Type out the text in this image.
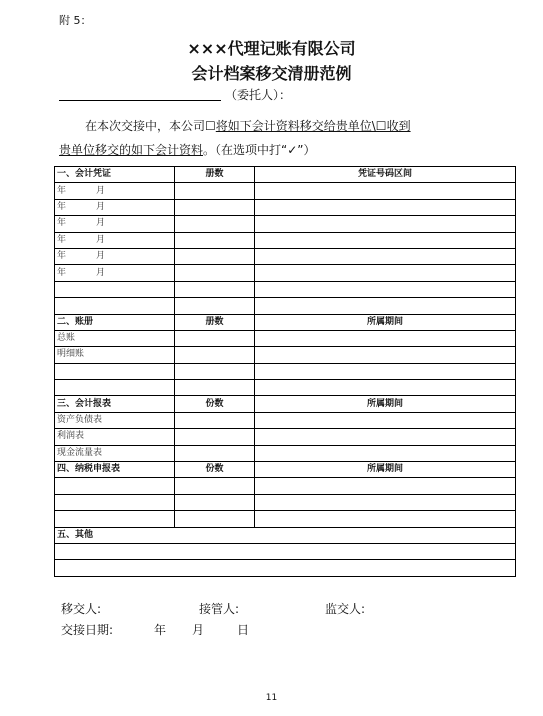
附 5：
×××代理记账有限公司
会计档案移交清册范例
（委托人）：
在本次交接中，本公司☐将如下会计资料移交给贵单位\☐收到
贵单位移交的如下会计资料。（在选项中打“✓”）
一、会计凭证	册数	凭证号码区间
年 月		
年 月		
年 月		
年 月		
年 月		
年 月		

二、账册	册数	所属期间
总账		
明细账		

三、会计报表	份数	所属期间
资产负债表		
利润表		
现金流量表		
四、纳税申报表	份数	所属期间

五、其他		

移交人:	接管人:	监交人:
交接日期:	年 月	日
11
